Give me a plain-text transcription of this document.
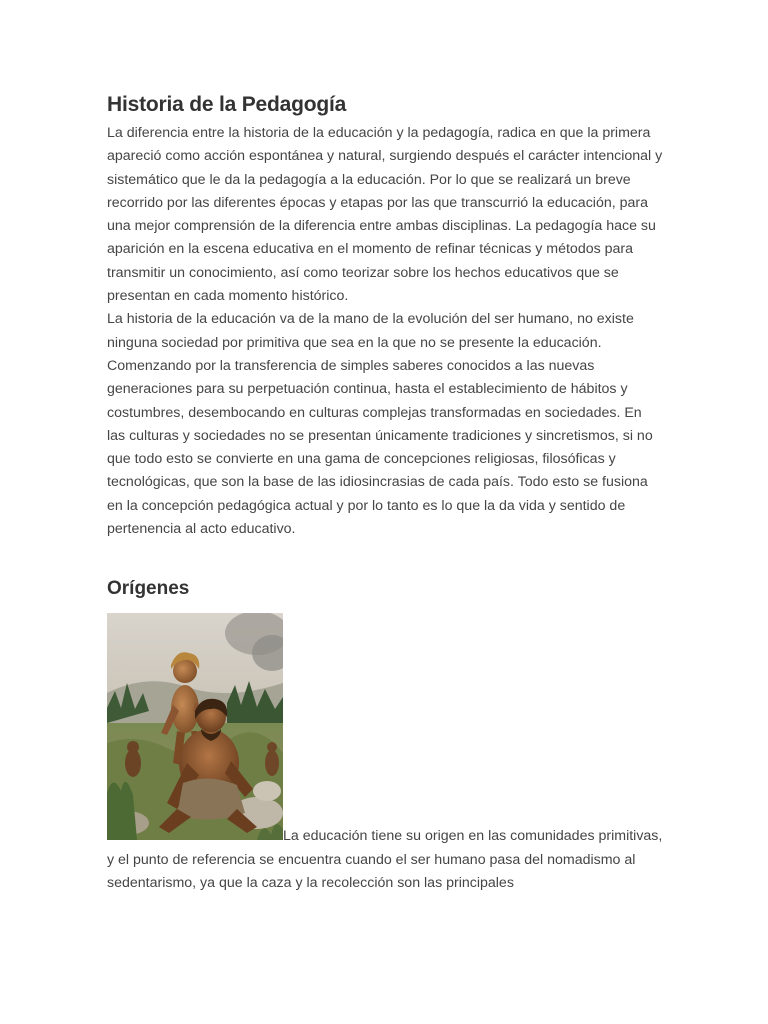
Historia de la Pedagogía

La diferencia entre la historia de la educación y la pedagogía, radica en que la primera apareció como acción espontánea y natural, surgiendo después el carácter intencional y sistemático que le da la pedagogía a la educación. Por lo que se realizará un breve recorrido por las diferentes épocas y etapas por las que transcurrió la educación, para una mejor comprensión de la diferencia entre ambas disciplinas. La pedagogía hace su aparición en la escena educativa en el momento de refinar técnicas y métodos para transmitir un conocimiento, así como teorizar sobre los hechos educativos que se presentan en cada momento histórico.

La historia de la educación va de la mano de la evolución del ser humano, no existe ninguna sociedad por primitiva que sea en la que no se presente la educación. Comenzando por la transferencia de simples saberes conocidos a las nuevas generaciones para su perpetuación continua, hasta el establecimiento de hábitos y costumbres, desembocando en culturas complejas transformadas en sociedades. En las culturas y sociedades no se presentan únicamente tradiciones y sincretismos, si no que todo esto se convierte en una gama de concepciones religiosas, filosóficas y tecnológicas, que son la base de las idiosincrasias de cada país. Todo esto se fusiona en la concepción pedagógica actual y por lo tanto es lo que la da vida y sentido de pertenencia al acto educativo.

Orígenes

La educación tiene su origen en las comunidades primitivas, y el punto de referencia se encuentra cuando el ser humano pasa del nomadismo al sedentarismo, ya que la caza y la recolección son las principales
